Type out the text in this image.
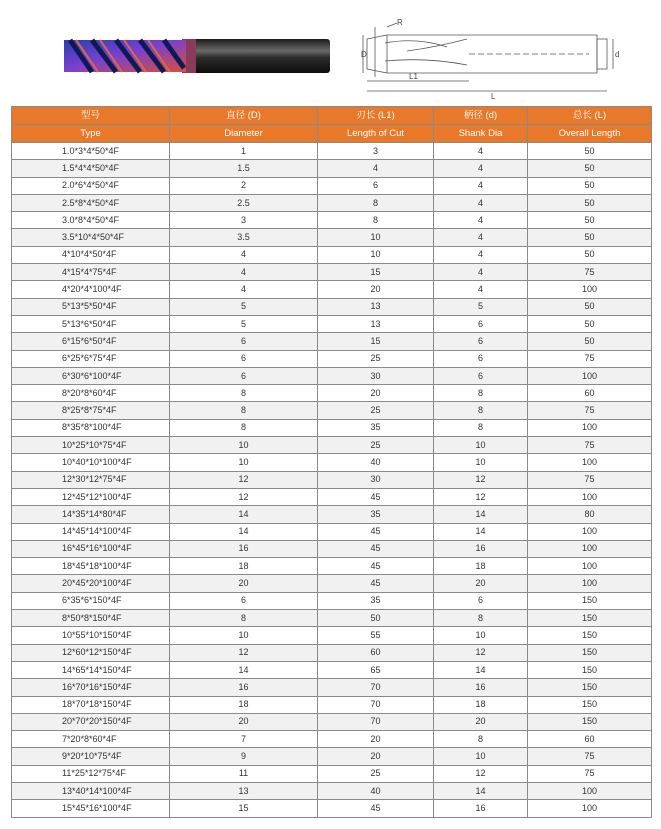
R
D	d
L1
L
型号	直径 (D)	刃长 (L1)	柄径 (d)	总长 (L)
Type	Diameter	Length of Cut	Shank Dia	Overall Length
1.0*3*4*50*4F	1	3	4	50
1.5*4*4*50*4F	1.5	4	4	50
2.0*6*4*50*4F	2	6	4	50
2.5*8*4*50*4F	2.5	8	4	50
3.0*8*4*50*4F	3	8	4	50
3.5*10*4*50*4F	3.5	10	4	50
4*10*4*50*4F	4	10	4	50
4*15*4*75*4F	4	15	4	75
4*20*4*100*4F	4	20	4	100
5*13*5*50*4F	5	13	5	50
5*13*6*50*4F	5	13	6	50
6*15*6*50*4F	6	15	6	50
6*25*6*75*4F	6	25	6	75
6*30*6*100*4F	6	30	6	100
8*20*8*60*4F	8	20	8	60
8*25*8*75*4F	8	25	8	75
8*35*8*100*4F	8	35	8	100
10*25*10*75*4F	10	25	10	75
10*40*10*100*4F	10	40	10	100
12*30*12*75*4F	12	30	12	75
12*45*12*100*4F	12	45	12	100
14*35*14*80*4F	14	35	14	80
14*45*14*100*4F	14	45	14	100
16*45*16*100*4F	16	45	16	100
18*45*18*100*4F	18	45	18	100
20*45*20*100*4F	20	45	20	100
6*35*6*150*4F	6	35	6	150
8*50*8*150*4F	8	50	8	150
10*55*10*150*4F	10	55	10	150
12*60*12*150*4F	12	60	12	150
14*65*14*150*4F	14	65	14	150
16*70*16*150*4F	16	70	16	150
18*70*18*150*4F	18	70	18	150
20*70*20*150*4F	20	70	20	150
7*20*8*60*4F	7	20	8	60
9*20*10*75*4F	9	20	10	75
11*25*12*75*4F	11	25	12	75
13*40*14*100*4F	13	40	14	100
15*45*16*100*4F	15	45	16	100
